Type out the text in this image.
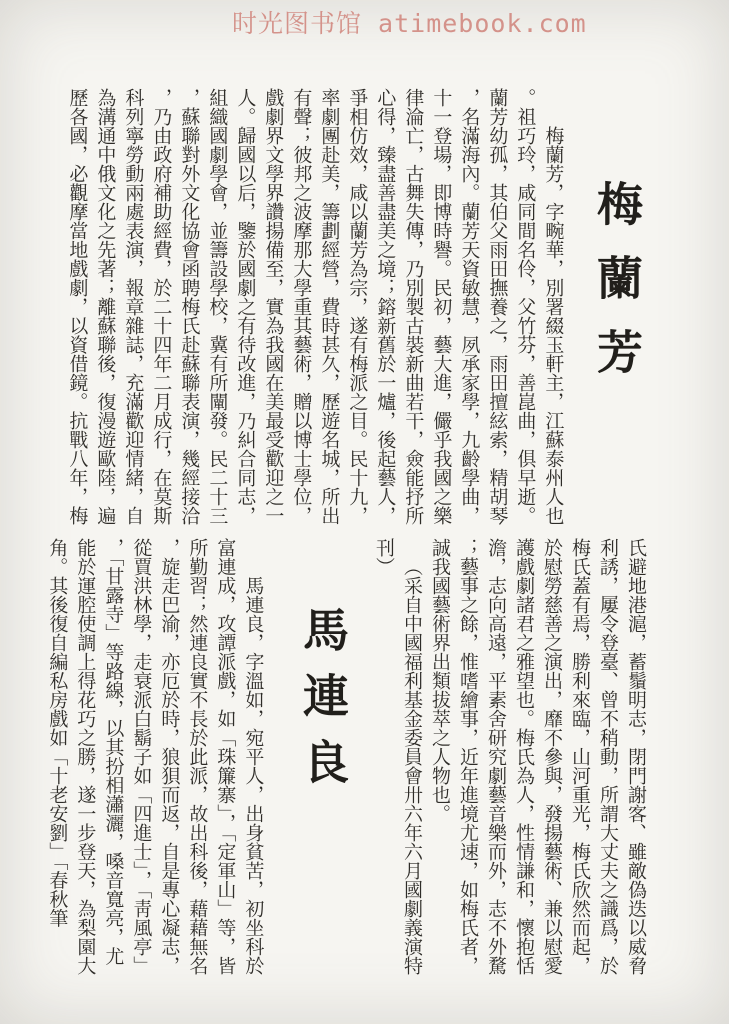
时光图书馆 atimebook.com
梅蘭芳

梅蘭芳，字畹華，別署綴玉軒主，江蘇泰州人也。祖巧玲，咸同間名伶，父竹芬，善崑曲，俱早逝。蘭芳幼孤，其伯父雨田撫養之，雨田擅絃索，精胡琴，名滿海內。蘭芳天資敏慧，夙承家學，九齡學曲，十一登場，即博時譽。民初，藝大進，儼乎我國之樂律淪亡，古舞失傳，乃別製古裝新曲若干，僉能抒所心得，臻盡善盡美之境；鎔新舊於一爐，後起藝人，爭相仿效，咸以蘭芳為宗，遂有梅派之目。民十九，率劇團赴美，籌劃經營，費時甚久，歷遊名城，所出有聲；彼邦之波摩那大學重其藝術，贈以博士學位，戲劇界文學界讚揚備至，實為我國在美最受歡迎之一人。歸國以后，鑒於國劇之有待改進，乃糾合同志，組織國劇學會，並籌設學校，冀有所闡發。民二十三，蘇聯對外文化協會函聘梅氏赴蘇聯表演，幾經接洽，乃由政府補助經費，於二十四年二月成行，在莫斯科列寧勞動兩處表演，報章雜誌，充滿歡迎情緒，自為溝通中俄文化之先著；離蘇聯後，復漫遊歐陸，遍歷各國，必觀摩當地戲劇，以資借鏡。抗戰八年，梅

氏避地港滬，蓄鬚明志，閉門謝客、雖敵偽迭以威脅利誘，屢令登臺、曾不稍動，所謂大丈夫之識爲，於梅氏蓋有焉，勝利來臨，山河重光，梅氏欣然而起，於慰勞慈善之演出，靡不參與，發揚藝術、兼以慰愛護戲劇諸君之雅望也。梅氏為人，性情謙和，懷抱恬澹，志向高遠，平素舍研究劇藝音樂而外，志不外騖；藝事之餘，惟嗜繪事，近年進境尤速，如梅氏者，誠我國藝術界出類拔萃之人物也。

（采自中國福利基金委員會卅六年六月國劇義演特刊）

馬連良

馬連良，字溫如，宛平人，出身貧苦，初坐科於富連成，攻譚派戲，如「珠簾寨」，「定軍山」等，皆所勤習；然連良實不長於此派，故出科後，藉藉無名，旋走巴渝，亦厄於時，狼狽而返，自是專心凝志，從賈洪林學，走衰派白鬍子如「四進士」，「靑風亭」，「甘露寺」等路線，以其扮相瀟灑，嗓音寬亮，尤能於運腔使調上得花巧之勝，遂一步登天，為梨園大角。其後復自編私房戲如「十老安劉」「春秋筆
